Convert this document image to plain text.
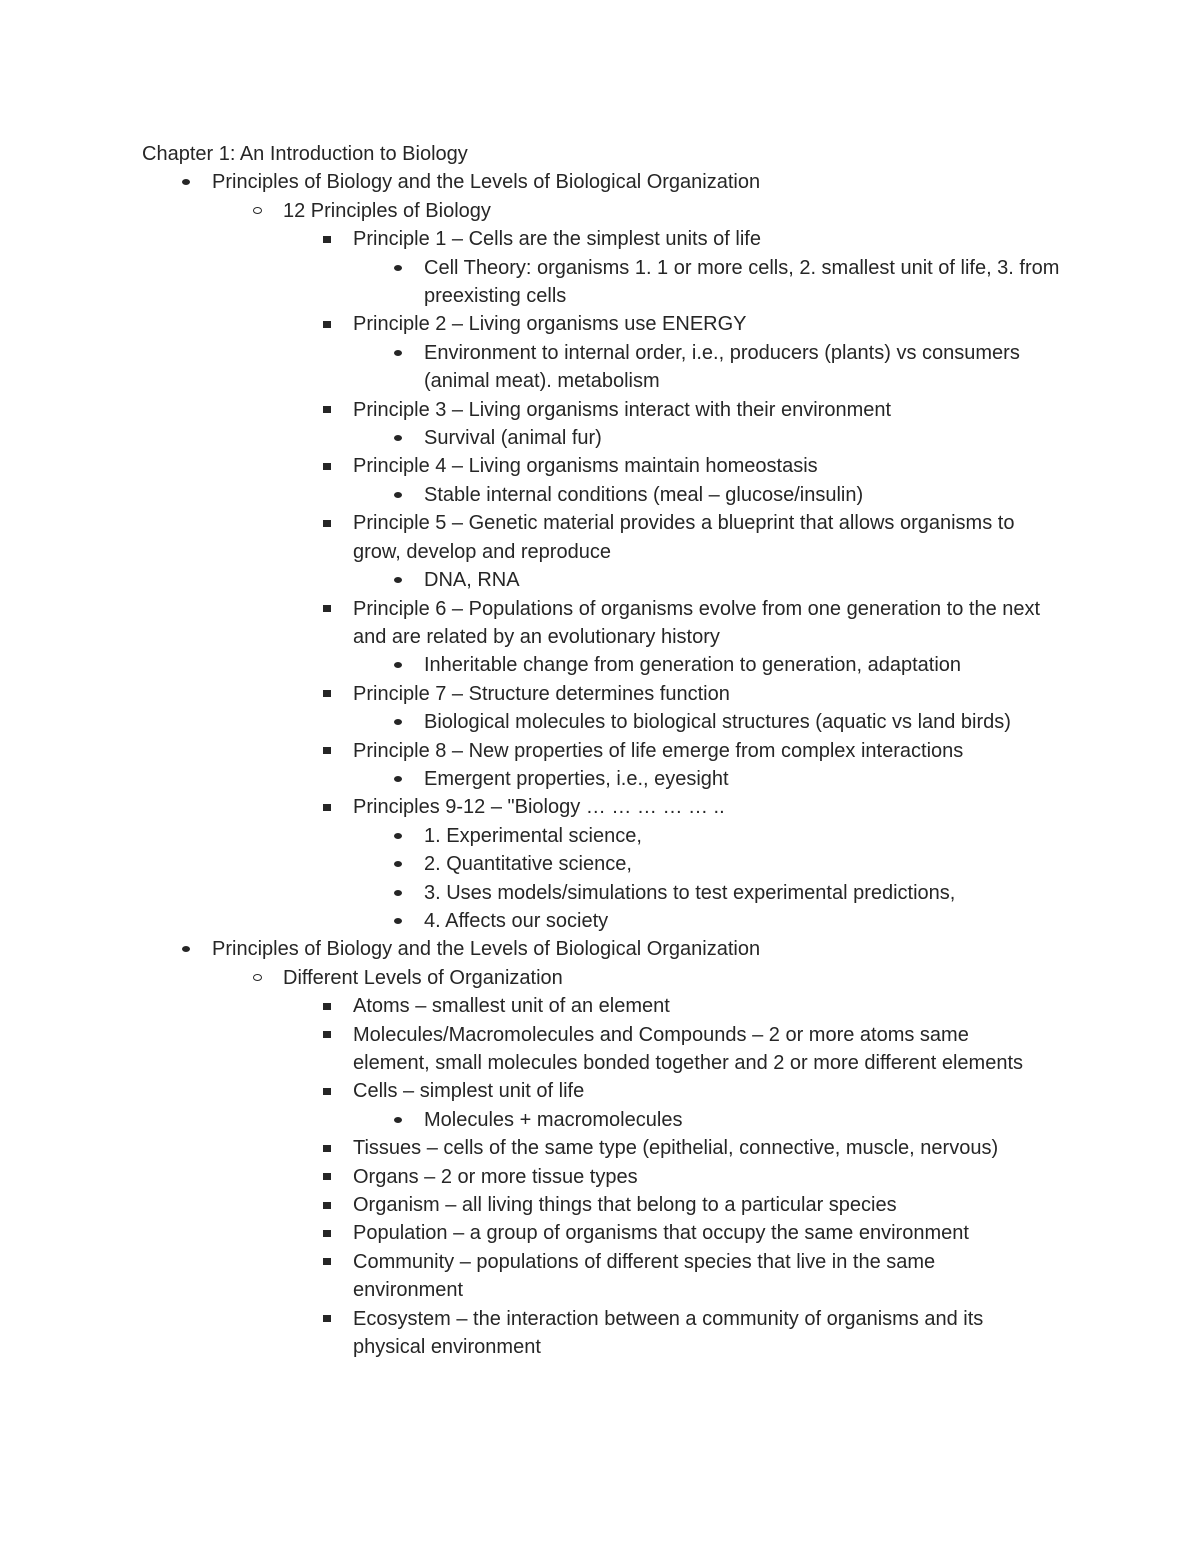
Chapter 1: An Introduction to Biology
Principles of Biology and the Levels of Biological Organization
12 Principles of Biology
Principle 1 – Cells are the simplest units of life
Cell Theory: organisms 1. 1 or more cells, 2. smallest unit of life, 3. from preexisting cells
Principle 2 – Living organisms use ENERGY
Environment to internal order, i.e., producers (plants) vs consumers (animal meat). metabolism
Principle 3 – Living organisms interact with their environment
Survival (animal fur)
Principle 4 – Living organisms maintain homeostasis
Stable internal conditions (meal – glucose/insulin)
Principle 5 – Genetic material provides a blueprint that allows organisms to grow, develop and reproduce
DNA, RNA
Principle 6 – Populations of organisms evolve from one generation to the next and are related by an evolutionary history
Inheritable change from generation to generation, adaptation
Principle 7 – Structure determines function
Biological molecules to biological structures (aquatic vs land birds)
Principle 8 – New properties of life emerge from complex interactions
Emergent properties, i.e., eyesight
Principles 9-12 – "Biology … … … … … ..
1. Experimental science,
2. Quantitative science,
3. Uses models/simulations to test experimental predictions,
4. Affects our society
Principles of Biology and the Levels of Biological Organization
Different Levels of Organization
Atoms – smallest unit of an element
Molecules/Macromolecules and Compounds – 2 or more atoms same element, small molecules bonded together and 2 or more different elements
Cells – simplest unit of life
Molecules + macromolecules
Tissues – cells of the same type (epithelial, connective, muscle, nervous)
Organs – 2 or more tissue types
Organism – all living things that belong to a particular species
Population – a group of organisms that occupy the same environment
Community – populations of different species that live in the same environment
Ecosystem – the interaction between a community of organisms and its physical environment
